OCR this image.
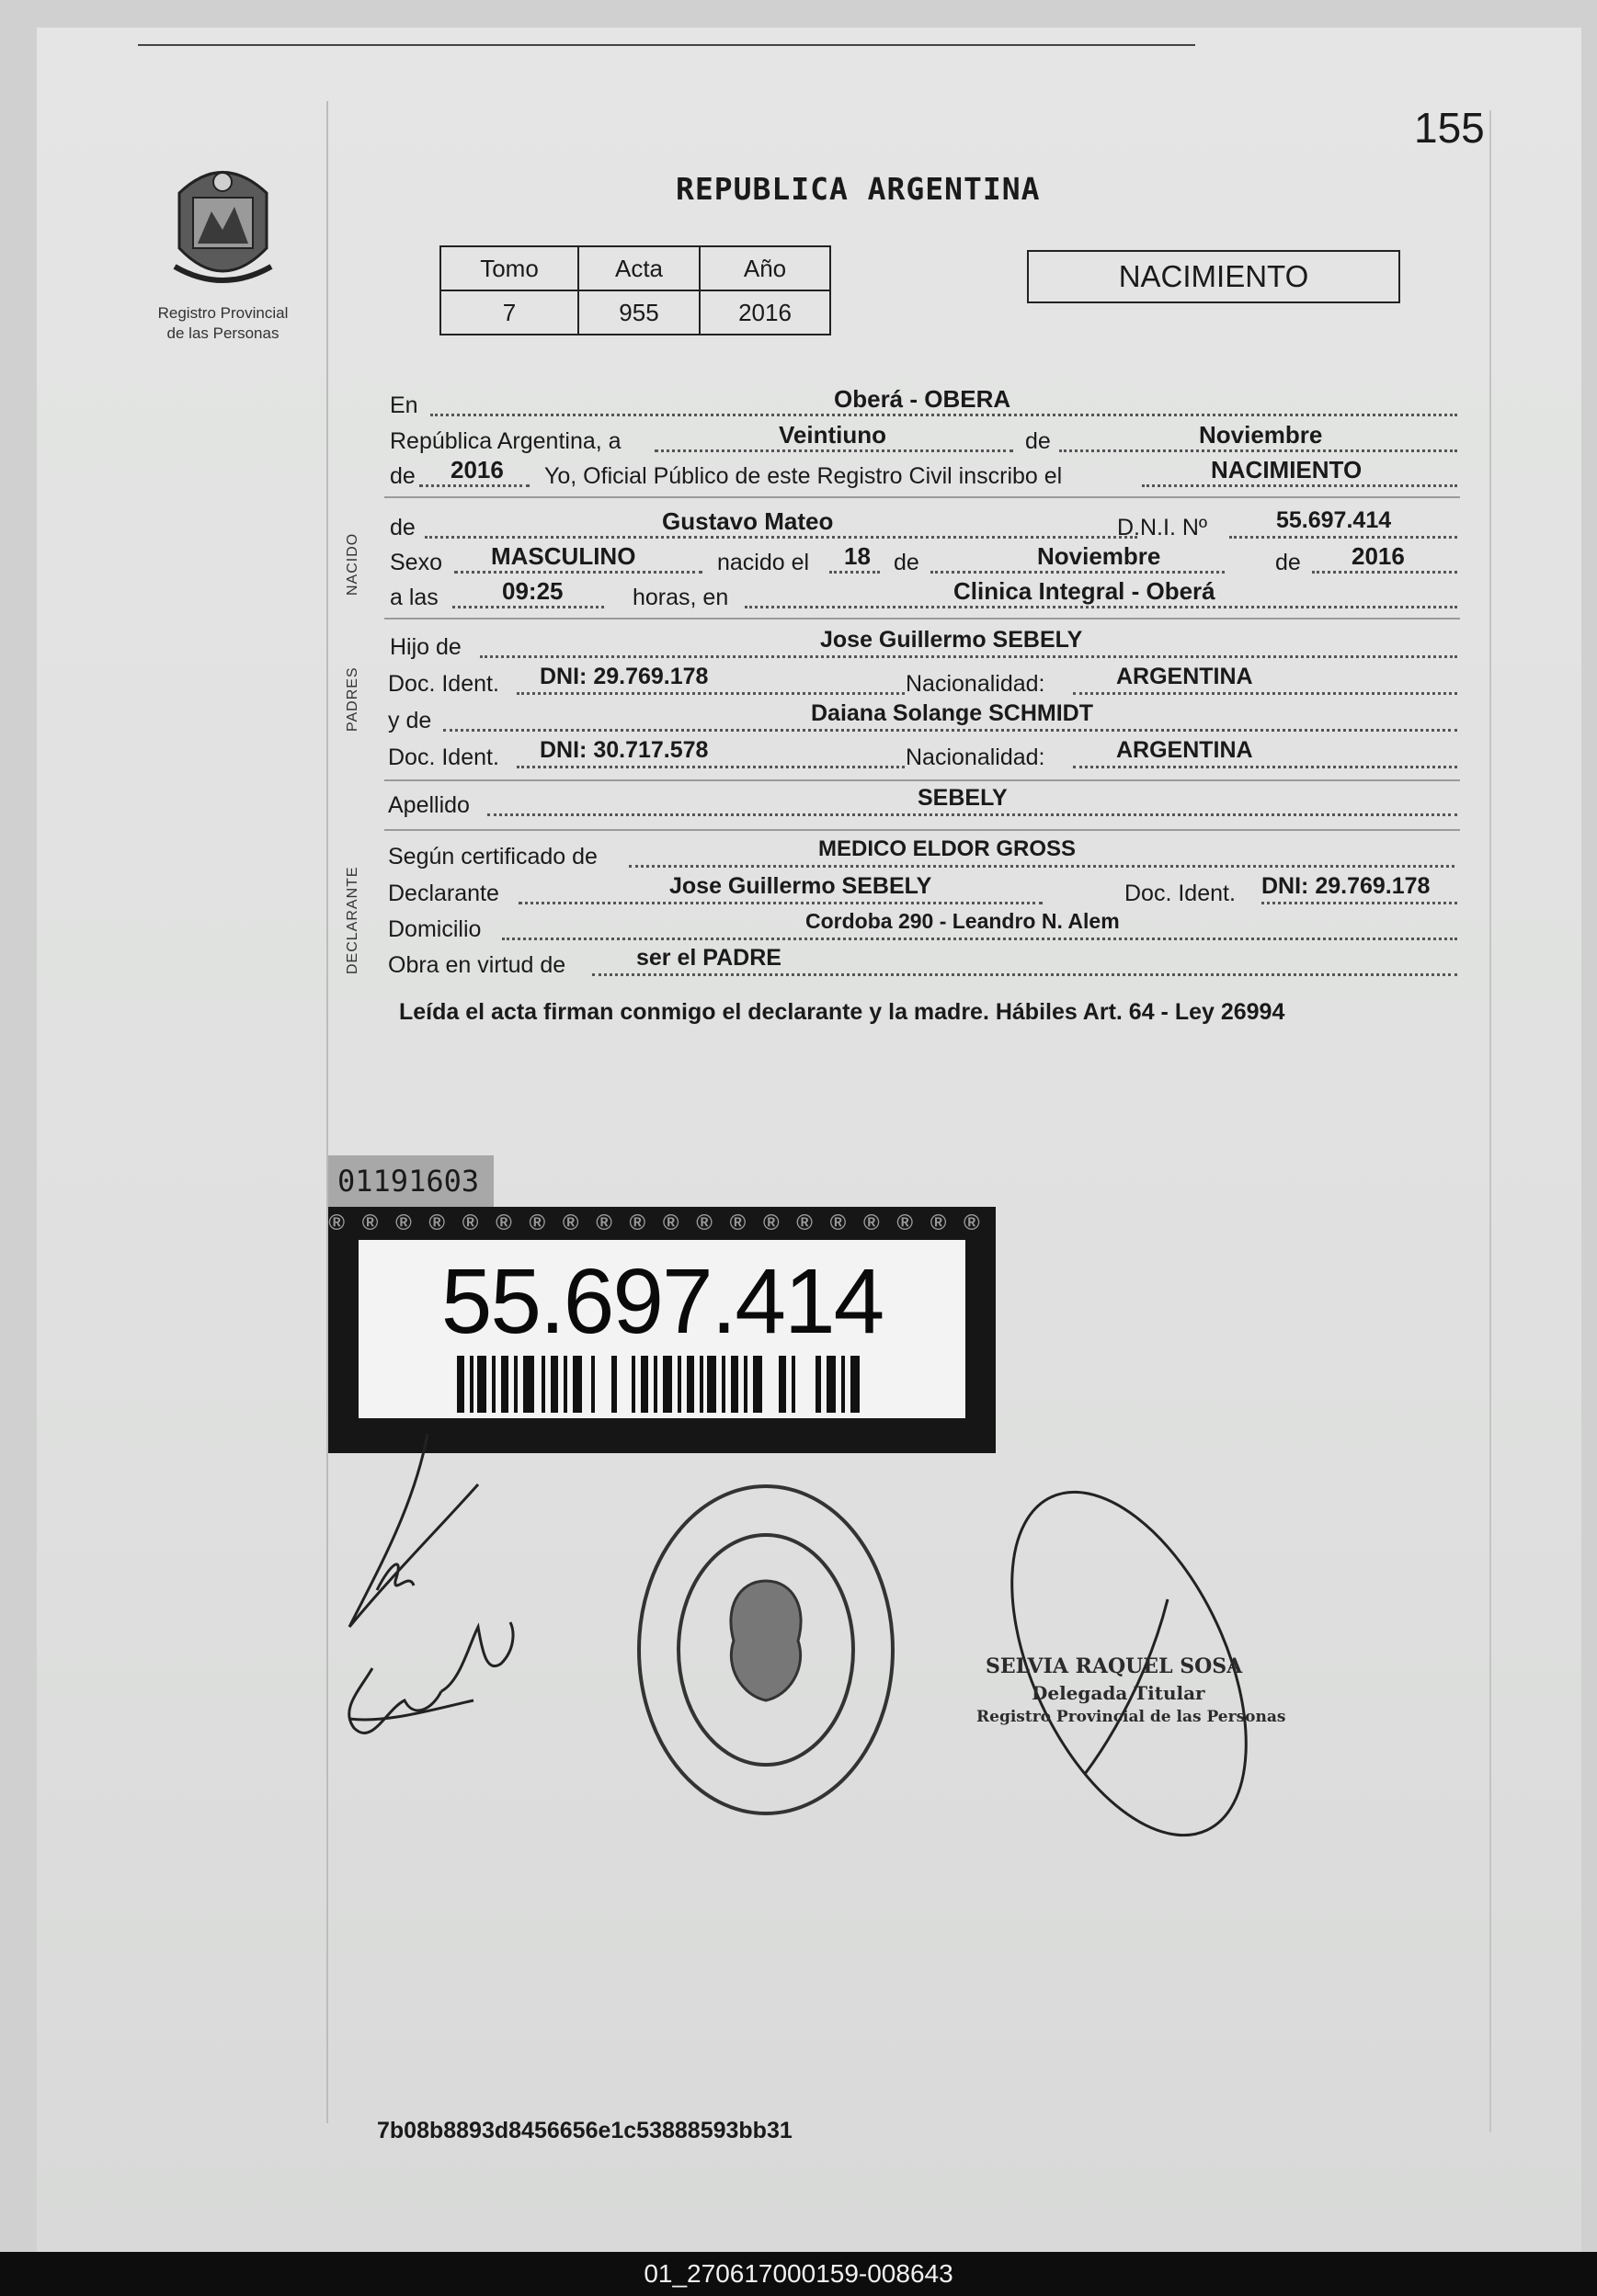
155
Registro Provincial
de las Personas
REPUBLICA ARGENTINA
Tomo	Acta	Año
7	955	2016
NACIMIENTO
En	Oberá - OBERA
República Argentina, a	Veintiuno	de	Noviembre
de 2016 Yo, Oficial Público de este Registro Civil inscribo el	NACIMIENTO
NACIDO
de	Gustavo Mateo	D.N.I. Nº	55.697.414
Sexo MASCULINO	nacido el 18 de	Noviembre	de 2016
a las	09:25	horas, en	Clinica Integral - Oberá
PADRES
Hijo de	Jose Guillermo SEBELY
Doc. Ident. DNI: 29.769.178	Nacionalidad:	ARGENTINA
y de	Daiana Solange SCHMIDT
Doc. Ident. DNI: 30.717.578	Nacionalidad:	ARGENTINA
Apellido	SEBELY
DECLARANTE
Según certificado de	MEDICO ELDOR GROSS
Declarante	Jose Guillermo SEBELY	Doc. Ident. DNI: 29.769.178
Domicilio	Cordoba 290 - Leandro N. Alem
Obra en virtud de	ser el PADRE
Leída el acta firman conmigo el declarante y la madre. Hábiles Art. 64 - Ley 26994
01191603
® ® ® ® ® ® ® ® ® ® ® ® ® ® ® ® ® ® ® ®
55.697.414
SELVIA RAQUEL SOSA
Delegada Titular
Registro Provincial de las Personas
7b08b8893d8456656e1c53888593bb31
01_270617000159-008643
